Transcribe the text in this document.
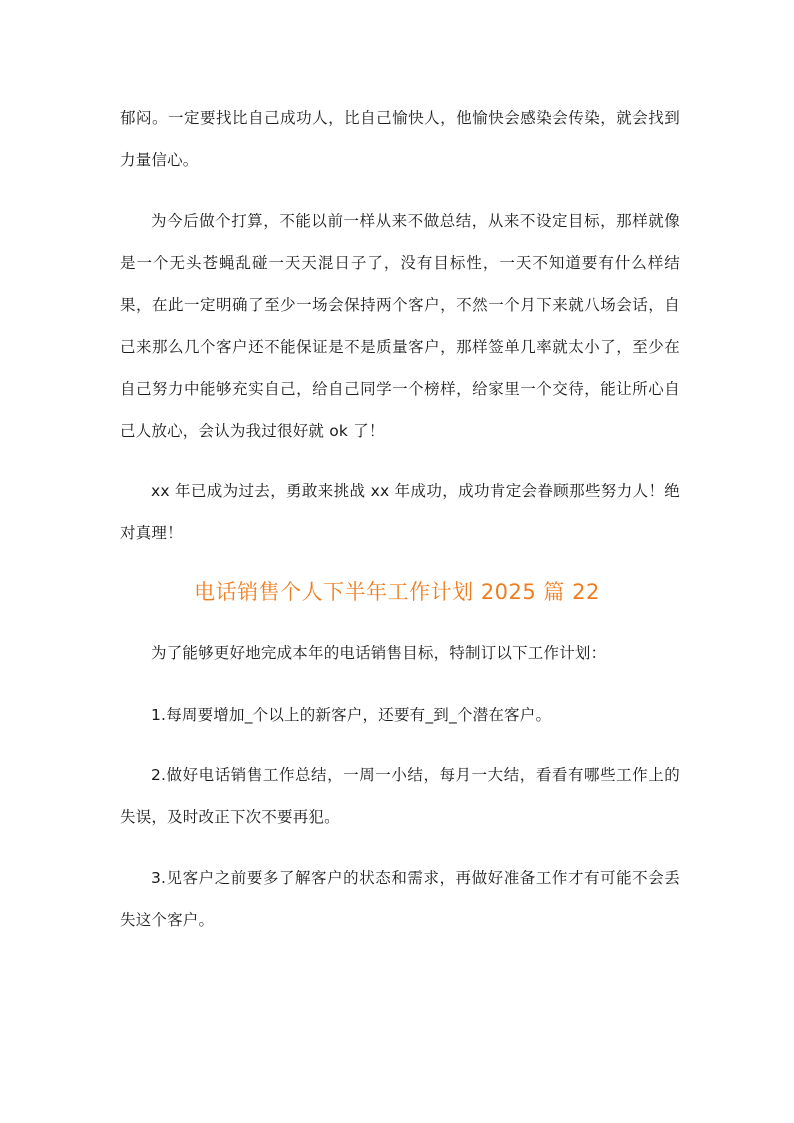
郁闷。一定要找比自己成功人，比自己愉快人，他愉快会感染会传染，就会找到力量信心。

为今后做个打算，不能以前一样从来不做总结，从来不设定目标，那样就像是一个无头苍蝇乱碰一天天混日子了，没有目标性，一天不知道要有什么样结果，在此一定明确了至少一场会保持两个客户，不然一个月下来就八场会话，自己来那么几个客户还不能保证是不是质量客户，那样签单几率就太小了，至少在自己努力中能够充实自己，给自己同学一个榜样，给家里一个交待，能让所心自己人放心，会认为我过很好就 ok 了！

xx 年已成为过去，勇敢来挑战 xx 年成功，成功肯定会眷顾那些努力人！绝对真理！

电话销售个人下半年工作计划 2025 篇 22

为了能够更好地完成本年的电话销售目标，特制订以下工作计划：

1.每周要增加_个以上的新客户，还要有_到_个潜在客户。

2.做好电话销售工作总结，一周一小结，每月一大结，看看有哪些工作上的失误，及时改正下次不要再犯。

3.见客户之前要多了解客户的状态和需求，再做好准备工作才有可能不会丢失这个客户。
